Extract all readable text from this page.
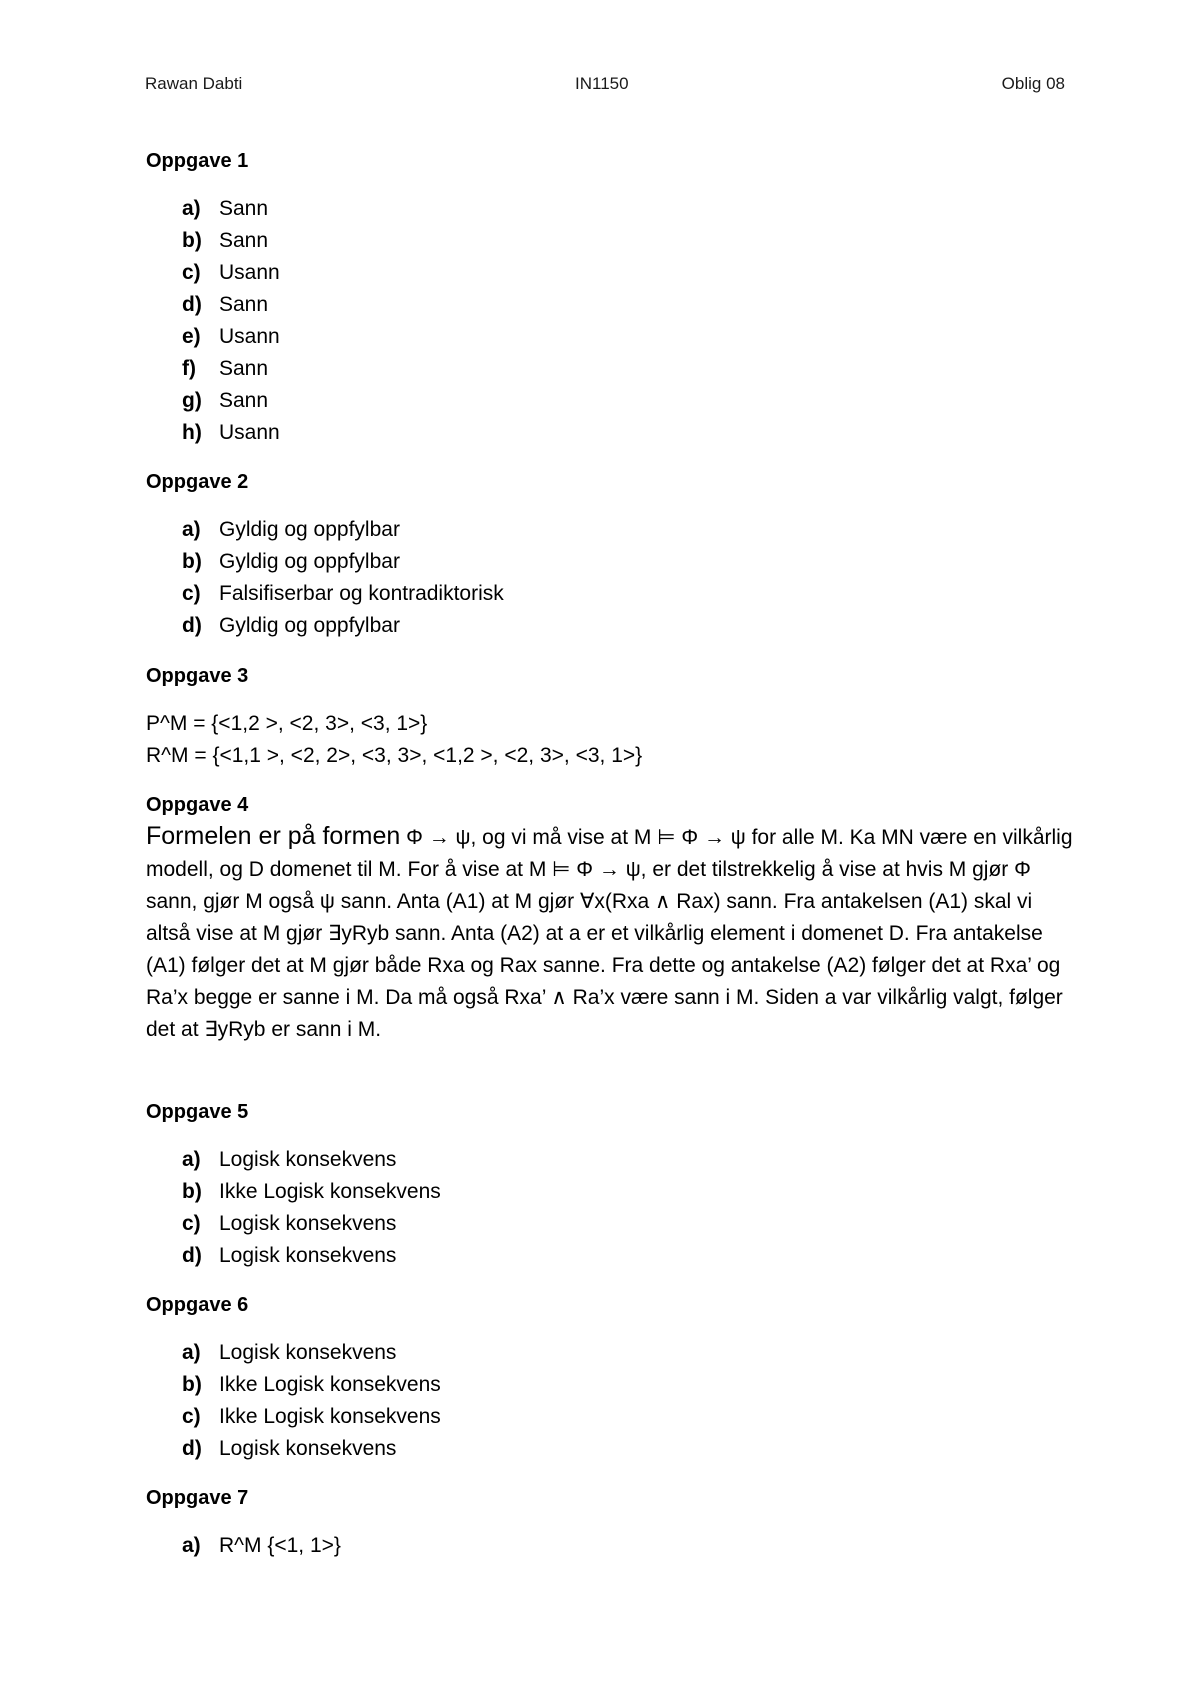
Rawan Dabti	IN1150	Oblig 08
Oppgave 1
a) Sann
b) Sann
c) Usann
d) Sann
e) Usann
f) Sann
g) Sann
h) Usann
Oppgave 2
a) Gyldig og oppfylbar
b) Gyldig og oppfylbar
c) Falsifiserbar og kontradiktorisk
d) Gyldig og oppfylbar
Oppgave 3
P^M = {<1,2 >, <2, 3>, <3, 1>}
R^M = {<1,1 >, <2, 2>, <3, 3>, <1,2 >, <2, 3>, <3, 1>}
Oppgave 4

Formelen er på formen Φ → ψ, og vi må vise at M ⊨ Φ → ψ for alle M. Ka MN være en vilkårlig modell, og D domenet til M. For å vise at M ⊨ Φ → ψ, er det tilstrekkelig å vise at hvis M gjør Φ sann, gjør M også ψ sann. Anta (A1) at M gjør ∀x(Rxa ∧ Rax) sann. Fra antakelsen (A1) skal vi altså vise at M gjør ∃yRyb sann. Anta (A2) at a er et vilkårlig element i domenet D. Fra antakelse (A1) følger det at M gjør både Rxa og Rax sanne. Fra dette og antakelse (A2) følger det at Rxa’ og Ra’x begge er sanne i M. Da må også Rxa’ ∧ Ra’x være sann i M. Siden a var vilkårlig valgt, følger det at ∃yRyb er sann i M.

Oppgave 5
a) Logisk konsekvens
b) Ikke Logisk konsekvens
c) Logisk konsekvens
d) Logisk konsekvens
Oppgave 6
a) Logisk konsekvens
b) Ikke Logisk konsekvens
c) Ikke Logisk konsekvens
d) Logisk konsekvens
Oppgave 7
a) R^M {<1, 1>}
